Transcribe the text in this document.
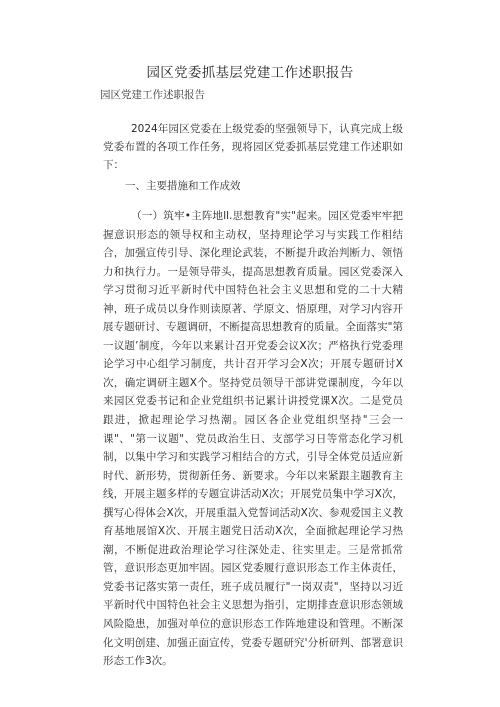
园区党委抓基层党建工作述职报告
园区党建工作述职报告
2024年园区党委在上级党委的坚强领导下，认真完成上级党委布置的各项工作任务，现将园区党委抓基层党建工作述职如下：
一、主要措施和工作成效
（一）筑牢•主阵地ll.思想教育"实"起来。园区党委牢牢把握意识形态的领导权和主动权，坚持理论学习与实践工作相结合，加强宣传引导、深化理论武装，不断提升政治判断力、领悟力和执行力。一是领导带头，提高思想教育质量。园区党委深入学习贯彻习近平新时代中国特色社会主义思想和党的二十大精神，班子成员以身作则读原著、学原文、悟原理，对学习内容开展专题研讨、专题调研，不断提高思想教育的质量。全面落实"第一议题’制度，今年以来累计召开党委会议X次；严格执行党委理论学习中心组学习制度，共计召开学习会X次；开展专题研讨X次，确定调研主题X个。坚持党员领导干部讲党课制度，今年以来园区党委书记和企业党组织书记累计讲授党课X次。二是党员跟进，掀起理论学习热潮。园区各企业党组织坚持"三会一课"、"第一议题"、党员政治生日、支部学习日等常态化学习机制，以集中学习和实践学习相结合的方式，引导全体党员适应新时代、新形势，贯彻新任务、新要求。今年以来紧跟主题教育主线，开展主题多样的专题宣讲活动X次；开展党员集中学习X次，撰写心得体会X次，开展重温入党誓词活动X次、参观爱国主义教育基地展馆X次、开展主题党日活动X次，全面掀起理论学习热潮，不断促进政治理论学习往深处走、往实里走。三是常抓常管，意识形态更加牢固。园区党委履行意识形态工作主体责任，党委书记落实第一责任，班子成员履行"一岗双责"，坚持以习近平新时代中国特色社会主义思想为指引，定期排查意识形态领域风险隐患，加强对单位的意识形态工作阵地建设和管理。不断深化文明创建、加强正面宣传，党委专题研究'分析研判、部署意识形态工作3次。
